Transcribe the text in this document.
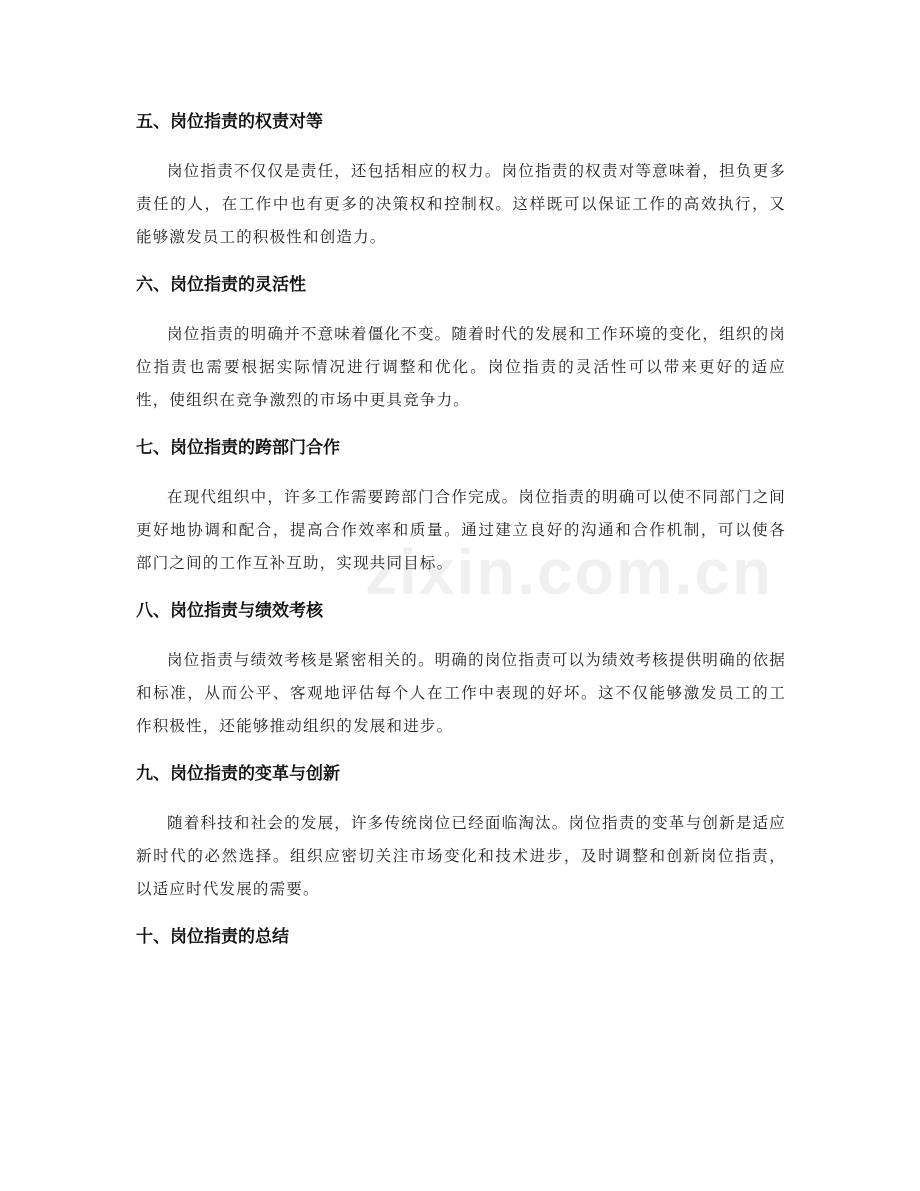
zixin.com.cn
五、岗位指责的权责对等

岗位指责不仅仅是责任，还包括相应的权力。岗位指责的权责对等意味着，担负更多责任的人，在工作中也有更多的决策权和控制权。这样既可以保证工作的高效执行，又能够激发员工的积极性和创造力。

六、岗位指责的灵活性

岗位指责的明确并不意味着僵化不变。随着时代的发展和工作环境的变化，组织的岗位指责也需要根据实际情况进行调整和优化。岗位指责的灵活性可以带来更好的适应性，使组织在竞争激烈的市场中更具竞争力。

七、岗位指责的跨部门合作

在现代组织中，许多工作需要跨部门合作完成。岗位指责的明确可以使不同部门之间更好地协调和配合，提高合作效率和质量。通过建立良好的沟通和合作机制，可以使各部门之间的工作互补互助，实现共同目标。

八、岗位指责与绩效考核

岗位指责与绩效考核是紧密相关的。明确的岗位指责可以为绩效考核提供明确的依据和标准，从而公平、客观地评估每个人在工作中表现的好坏。这不仅能够激发员工的工作积极性，还能够推动组织的发展和进步。

九、岗位指责的变革与创新

随着科技和社会的发展，许多传统岗位已经面临淘汰。岗位指责的变革与创新是适应新时代的必然选择。组织应密切关注市场变化和技术进步，及时调整和创新岗位指责，以适应时代发展的需要。

十、岗位指责的总结
